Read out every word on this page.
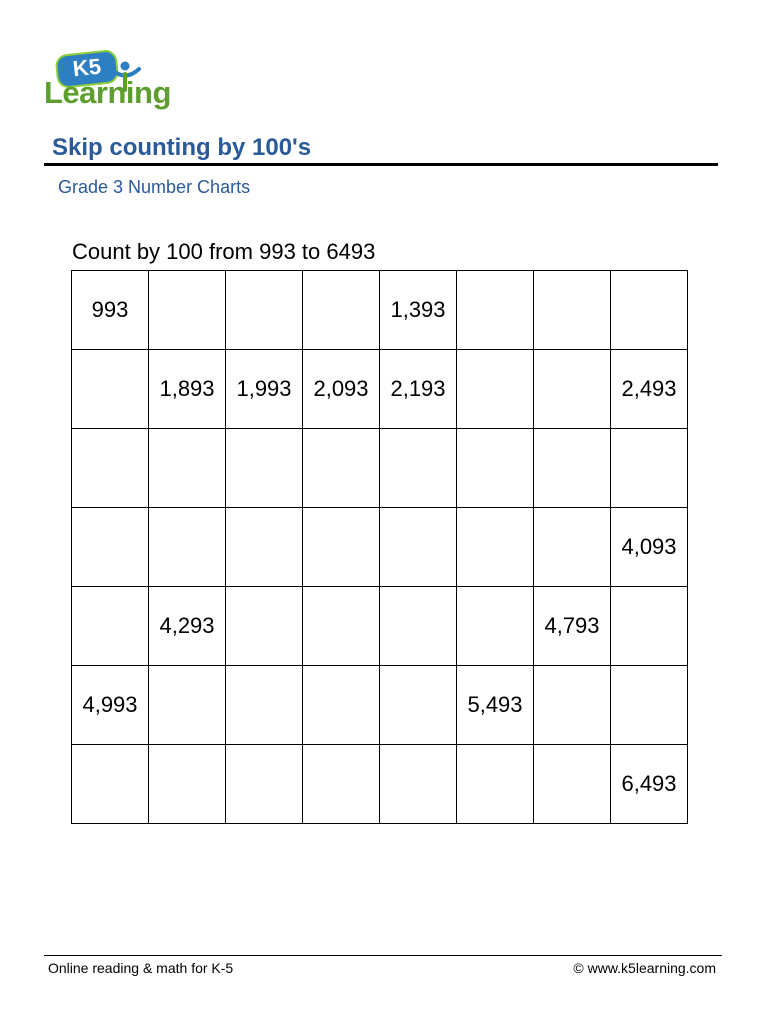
K5
Learning
Skip counting by 100's
Grade 3 Number Charts
Count by 100 from 993 to 6493
993				1,393			
	1,893	1,993	2,093	2,193			2,493

							4,093
	4,293					4,793	
4,993					5,493		
							6,493
Online reading & math for K-5	© www.k5learning.com
